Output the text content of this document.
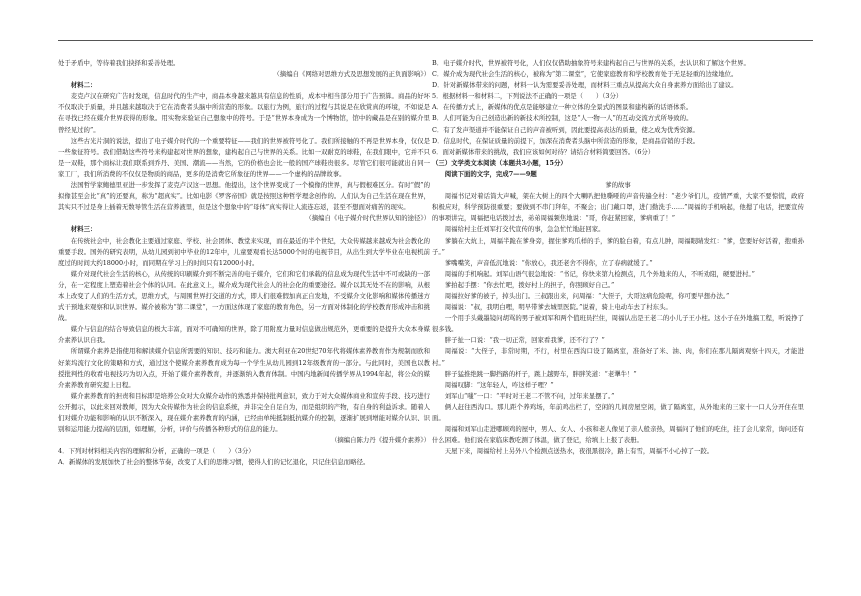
处于矛盾中，等待着我们抉择和妥善处理。

（摘编自《网络对思维方式及思想发展的正负面影响》）

材料二：

麦克卢汉在研究广告时发现，信息时代的生产中，商品本身越来越具有信息的性质，成本中相当部分用于广告预算。商品的好坏不仅取决于质量，并且越来越取决于它在消费者头脑中所营造的形象。以旅行为例，旅行的过程与其说是在欣赏真的环境，不如说是在寻找已经在媒介世界获得的形象。用实物来验证自己想象中的符号。于是“世界本身成为一个博物馆，馆中的藏品是在别的媒介里曾经见过的”。

这些古光片洞的说法，提出了电子媒介时代的一个重要特征——我们的世界被符号化了。我们所接触的不再是世界本身，仅仅是一些象征符号。我们借助这些符号来构建起对世界的想象，建构起自己与世界的关系。比如一双耐克的球鞋，在我们眼中，它并不只是一双鞋，那个商标让我们联系到乔丹、美国、潮流——当然，它的价格也会比一般的国产球鞋贵很多。尽管它们很可能就出自同一家工厂，我们所消费的不仅仅是物质的商品，更多的是消费它所象征的世界——一个虚构的品牌故事。

法国哲学家鲍德里亚进一步发挥了麦克卢汉这一思想。他提出，这个世界变成了一个模像的世界，真与假根难区分。有时“假”的拟像甚至会比“真”的还要真，称为“超真实”。比如电影《罗客帝国》就是按照这种哲学理念创作的。人们认为自己生活在现在世界，其实只不过是身上插着无数导管生活在营养液里，但是这个想象中的“母体”真实得让人流连忘返，甚至不想面对痛苦的现实。

（摘编自《电子媒介时代世界认知的途径》）

材料三：

在传统社会中，社会教化主要通过家庭、学校、社会团体、教堂来实现，而在最近的半个世纪，大众传媒越来越成为社会教化的重要手段。国外的研究表明，从幼儿园到初中毕业的12年中，儿童要观看长达5000个时的电视节目，从出生到大学毕业在电视机前度过的时间大约18000小时，而同期在学习上的时间只有12000小时。

媒介对现代社会生活的核心，从传统的印刷媒介到不断完善的电子媒介，它们和它们承载的信息成为现代生活中不可或缺的一部分，在一定程度上塑造着社会个体的认同。在此意义上，媒介成为现代社会人的社会化的重要途径。媒介以其无处不在的影响，从根本上改变了人们的生活方式，思维方式，与周围世界打交道的方式，即人们很难假加真正自发地，不受媒介文化影响和媒体传播迷方式干预地来观察和认识世界。媒介被称为“第二课堂”，一方面这体现了家庭的教育角色，另一方面对体制化的学校教育形成冲击和挑战。

媒介与信息的结合导致信息的极大丰富，面对不可确知的世界，除了用附度力量对信息做出规范外，更重要的是提升大众本身媒介素养认识自我。

所谓媒介素养是指使用和解读媒介信息所需要的知识、技巧和能力。澳大利亚在20世纪70年代将媒体素养教育作为规制而欧和好莱坞流行文化的策略和方式，通过这个使媒介素养教育成为每一个学生从幼儿园到12年级教育的一部分。与此同时，美国也以教授批判性的收看电视技巧为切入点，开始了媒介素养教育，并逐渐纳入教育体制。中国内地新闻传播学界从1994年起，将公众的媒介素养教育研究提上日程。

媒介素养教育的担责和目标即是培养公众对大众媒介动作的熟悉并保持批判意识，致力于对大众媒体商业和宣传手段、技巧进行公开揭示，以此来回对教师，因为大众传媒作为社会的信息系统，并非完全自足自为，而是组织的产物，有自身的利益诉求。随着人们对媒介功能和影响的认识不断深入，现在媒介素养教育的内涵，已经由单纯抵制抵抗媒介的控制，逐渐扩展到增能对媒介认识、识别和运用能力提高的层面，如理解，分析，评价与传播各种形式的信息的能力。

（摘编自陈力丹《提升媒介素养》）

4．下列对材料相关内容的理解和分析，正确的一项是（　　）（3分）

A．新媒体的发展加快了社会的整体节奏，改变了人们的思维习惯，使得人们的记忆退化，只记住信息而略径。

B．电子媒介时代，世界被符号化，人们仅仅借助抽象符号来建构起自己与世界的关系，去认识和了解这个世界。

C．媒介成为现代社会生活的核心，被称为“第二课堂”，它使家庭教育和学校教育处于无足轻重的边缘地位。

D．针对新媒体带来的问题，材料一认为需要妥善处理，而材料三重点从提高大众自身素养方面给出了建议。

5．根据材料一和材料二，下列说法不正确的一项是（　　）（3分）

A．在传播方式上，新媒体的优点是能够建立一种立体的全景式的图景和建构新的话语体系。

B．人们可能为自己创造出新的新技术所控制，这是“人一物一人”的互动交流方式所导致的。

C．有了发声渠道并不能保证自己的声音被听到，因此要提高表达的质量，使之成为优秀资源。

D．信息时代，在保证质量的前提下，加深在消费者头脑中所营造的形象，是商品营销的手段。

6．面对新媒体带来的挑战，我们应该如何对待？请结合材料简要回答。（6分）

（三）文学类文本阅读（本题共3小题，15分）

阅读下面的文字，完成7——9题

爹的故事

周福书记对着话筒大声喊，架在大树上的四个大喇叭把他嘶哑的声音传遍全村：“老少爷们儿，疫情严重，大家不要惊慌，政府积极应对，科学预防很重要；要做到不串门拜年，不聚会；出门戴口罩，进门勤洗手……”周福的手机响起，他摁了电话，把要宣传的事项讲完，周福把电话拨过去，弟弟周福频焦地说：“哥，你赶紧回家，爹病重了！”

周福给村主任刘军打交代宣传的事，急急忙忙地赶回家。

爹躺在大炕上，周福半跪在爹身旁，握住爹鸡爪样的手，爹的脸白着，有点儿肿，周福眼睛发红：“爹，您要好好活着，抱重孙子。”

爹嘴嘴笑，声音低沉地说：“你放心，我还老舍不得你，立了春病就缓了。”

周福的手机响起。刘军山语气很急地说：“书记，你快来第九检测点，几个外地来的人，不听劝阻，硬要进村。”

爹拍起手摆：“你去忙吧，拨好村上的担子，你照顾好自己。”

周福拉好爹的被子，掉头出门。三叔跟出来，问周福：“大侄子，大哥这病危险呢，你可要早想办法。”

周福说：“叔，我明白哩，明早带爹去城里医院。”说着，骑上电动车去了村东头。

一个用手头戴墨镜问胡骂的男子被刘军和两个值班员拦住，周福认出是王老二的小儿子王小柱。这小子在外地搞工程，听说挣了很多钱。

胖子扯一口说：“我一切正常，回家看我爹，还不行了？”

周福说：“大侄子，非常时期，不行，村里在西沟口设了隔离室，准备好了米、油、肉，你们在那儿隔离观察十四天，才能进村。”

胖子猛推绝跳一脚挡路的杆子，跳上越野车，胖胖笑道：“老犟牛！”

周福叹脚：“这年轻人，咋这样子哩？”

刘军山“嗤”一口：“平时对王老二不管不问，过年来显摆了。”

俩人赶往西沟口。那儿距个养鸡场，年前鸡出栏了，空闲的几间房屋空闲，做了隔离室，从外地来的三家十一口人分开住在里面。

周福和刘军山走进哪顾鸡的屋中，男人、女人、小孩和老人像见了亲人般亲热，周福问了他们的吃住，挂了会儿家常，询问还有什么困难。他们说在家临床教吃测了体温，做了登记，给填上上报了表册。

天屋下来，周福给村上另外八个检测点送热水，夜很黑很冷，路上有雪，周福不小心掉了一跤。
